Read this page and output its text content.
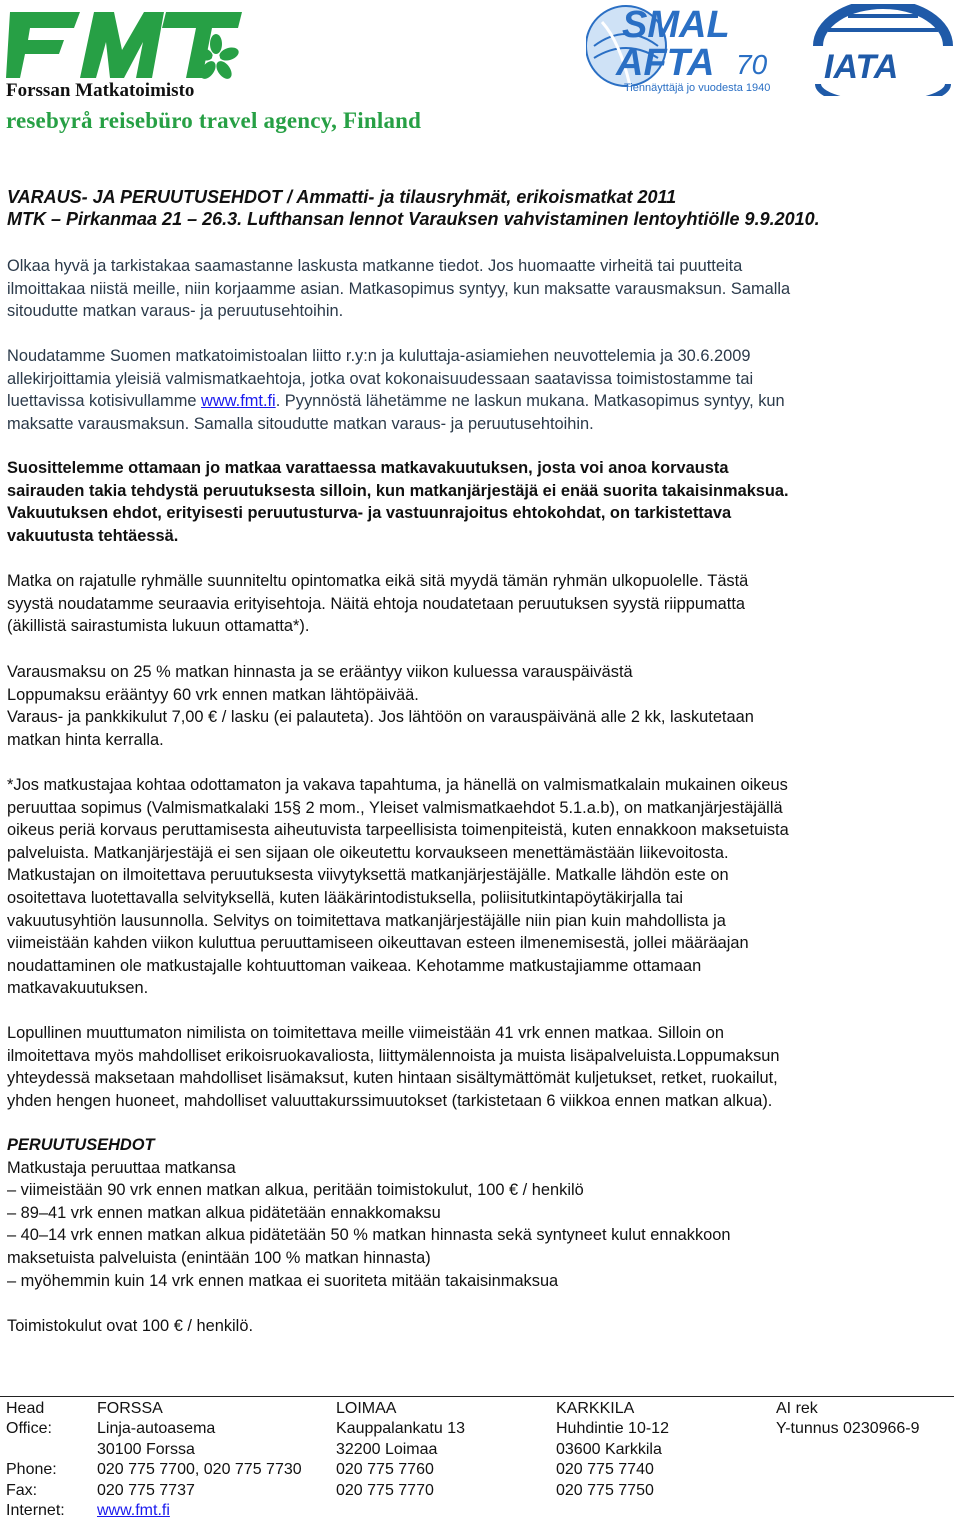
Forssan Matkatoimisto
resebyrå reisebüro travel agency, Finland
SMAL
AFTA 70
Tiennäyttäjä jo vuodesta 1940
IATA
VARAUS- JA PERUUTUSEHDOT / Ammatti- ja tilausryhmät, erikoismatkat 2011
MTK – Pirkanmaa 21 – 26.3. Lufthansan lennot Varauksen vahvistaminen lentoyhtiölle 9.9.2010.
Olkaa hyvä ja tarkistakaa saamastanne laskusta matkanne tiedot. Jos huomaatte virheitä tai puutteita
ilmoittakaa niistä meille, niin korjaamme asian. Matkasopimus syntyy, kun maksatte varausmaksun. Samalla
sitoudutte matkan varaus- ja peruutusehtoihin.
Noudatamme Suomen matkatoimistoalan liitto r.y:n ja kuluttaja-asiamiehen neuvottelemia ja 30.6.2009
allekirjoittamia yleisiä valmismatkaehtoja, jotka ovat kokonaisuudessaan saatavissa toimistostamme tai
luettavissa kotisivullamme www.fmt.fi. Pyynnöstä lähetämme ne laskun mukana. Matkasopimus syntyy, kun
maksatte varausmaksun. Samalla sitoudutte matkan varaus- ja peruutusehtoihin.
Suosittelemme ottamaan jo matkaa varattaessa matkavakuutuksen, josta voi anoa korvausta
sairauden takia tehdystä peruutuksesta silloin, kun matkanjärjestäjä ei enää suorita takaisinmaksua.
Vakuutuksen ehdot, erityisesti peruutusturva- ja vastuunrajoitus ehtokohdat, on tarkistettava
vakuutusta tehtäessä.
Matka on rajatulle ryhmälle suunniteltu opintomatka eikä sitä myydä tämän ryhmän ulkopuolelle. Tästä
syystä noudatamme seuraavia erityisehtoja. Näitä ehtoja noudatetaan peruutuksen syystä riippumatta
(äkillistä sairastumista lukuun ottamatta*).
Varausmaksu on 25 % matkan hinnasta ja se erääntyy viikon kuluessa varauspäivästä
Loppumaksu erääntyy 60 vrk ennen matkan lähtöpäivää.
Varaus- ja pankkikulut 7,00 € / lasku (ei palauteta). Jos lähtöön on varauspäivänä alle 2 kk, laskutetaan
matkan hinta kerralla.
*Jos matkustajaa kohtaa odottamaton ja vakava tapahtuma, ja hänellä on valmismatkalain mukainen oikeus
peruuttaa sopimus (Valmismatkalaki 15§ 2 mom., Yleiset valmismatkaehdot 5.1.a.b), on matkanjärjestäjällä
oikeus periä korvaus peruttamisesta aiheutuvista tarpeellisista toimenpiteistä, kuten ennakkoon maksetuista
palveluista. Matkanjärjestäjä ei sen sijaan ole oikeutettu korvaukseen menettämästään liikevoitosta.
Matkustajan on ilmoitettava peruutuksesta viivytyksettä matkanjärjestäjälle. Matkalle lähdön este on
osoitettava luotettavalla selvityksellä, kuten lääkärintodistuksella, poliisitutkintapöytäkirjalla tai
vakuutusyhtiön lausunnolla. Selvitys on toimitettava matkanjärjestäjälle niin pian kuin mahdollista ja
viimeistään kahden viikon kuluttua peruuttamiseen oikeuttavan esteen ilmenemisestä, jollei määräajan
noudattaminen ole matkustajalle kohtuuttoman vaikeaa. Kehotamme matkustajiamme ottamaan
matkavakuutuksen.
Lopullinen muuttumaton nimilista on toimitettava meille viimeistään 41 vrk ennen matkaa. Silloin on
ilmoitettava myös mahdolliset erikoisruokavaliosta, liittymälennoista ja muista lisäpalveluista.Loppumaksun
yhteydessä maksetaan mahdolliset lisämaksut, kuten hintaan sisältymättömät kuljetukset, retket, ruokailut,
yhden hengen huoneet, mahdolliset valuuttakurssimuutokset (tarkistetaan 6 viikkoa ennen matkan alkua).
PERUUTUSEHDOT
Matkustaja peruuttaa matkansa
– viimeistään 90 vrk ennen matkan alkua, peritään toimistokulut, 100 € / henkilö
– 89–41 vrk ennen matkan alkua pidätetään ennakkomaksu
– 40–14 vrk ennen matkan alkua pidätetään 50 % matkan hinnasta sekä syntyneet kulut ennakkoon
maksetuista palveluista (enintään 100 % matkan hinnasta)
– myöhemmin kuin 14 vrk ennen matkaa ei suoriteta mitään takaisinmaksua
Toimistokulut ovat 100 € / henkilö.
Head
Office:
Phone:
Fax:
Internet:
FORSSA
Linja-autoasema
30100 Forssa
020 775 7700, 020 775 7730
020 775 7737
www.fmt.fi
LOIMAA
Kauppalankatu 13
32200 Loimaa
020 775 7760
020 775 7770
KARKKILA
Huhdintie 10-12
03600 Karkkila
020 775 7740
020 775 7750
AI rek
Y-tunnus 0230966-9
